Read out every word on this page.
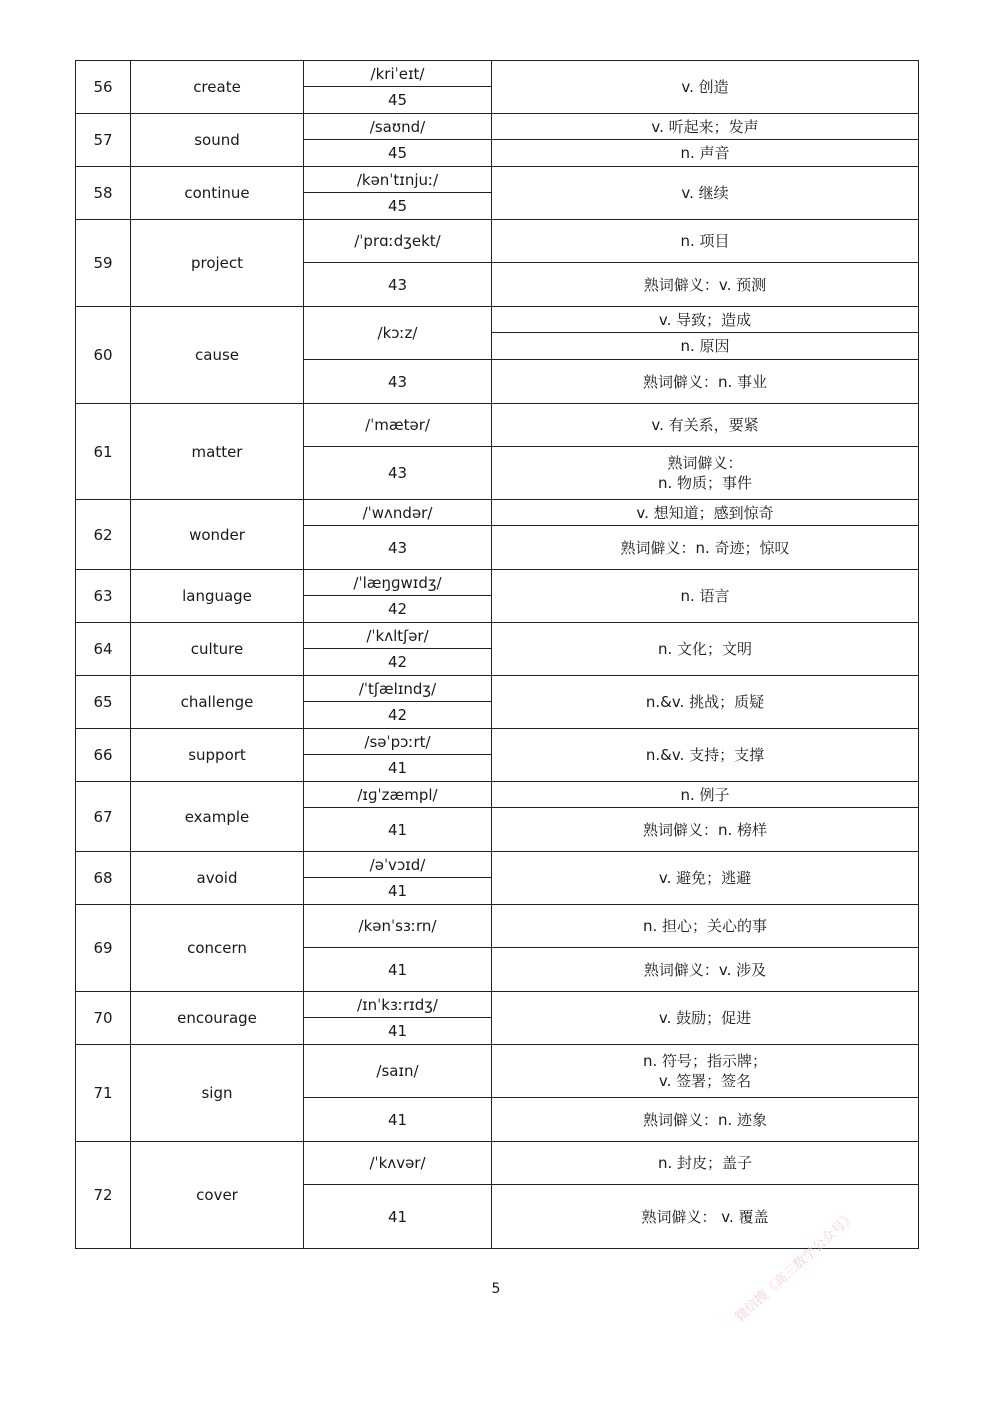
56	create	/kriˈeɪt/	v. 创造

		45	
57	sound	/saʊnd/	v. 听起来；发声

		45	n. 声音

58	continue	/kənˈtɪnjuː/	v. 继续

		45	
59	project	/ˈprɑːdʒekt/	n. 项目

		43	熟词僻义：v. 预测

60	cause	/kɔːz/	v. 导致；造成

			n. 原因

		43	熟词僻义：n. 事业

61	matter	/ˈmætər/	v. 有关系，要紧

		43	熟词僻义：
n. 物质；事件

62	wonder	/ˈwʌndər/	v. 想知道；感到惊奇

		43	熟词僻义：n. 奇迹；惊叹

63	language	/ˈlæŋɡwɪdʒ/	n. 语言

		42	
64	culture	/ˈkʌltʃər/	n. 文化；文明

		42	
65	challenge	/ˈtʃælɪndʒ/	n.&v. 挑战；质疑

		42	
66	support	/səˈpɔːrt/	n.&v. 支持；支撑

		41	
67	example	/ɪɡˈzæmpl/	n. 例子

		41	熟词僻义：n. 榜样

68	avoid	/əˈvɔɪd/	v. 避免；逃避

		41	
69	concern	/kənˈsɜːrn/	n. 担心；关心的事

		41	熟词僻义：v. 涉及

70	encourage	/ɪnˈkɜːrɪdʒ/	v. 鼓励；促进

		41	
71	sign	/saɪn/	n. 符号；指示牌；
v. 签署；签名

		41	熟词僻义：n. 迹象

72	cover	/ˈkʌvər/	n. 封皮；盖子

		41	熟词僻义： v. 覆盖
5	微信搜《高三数学公众号》
